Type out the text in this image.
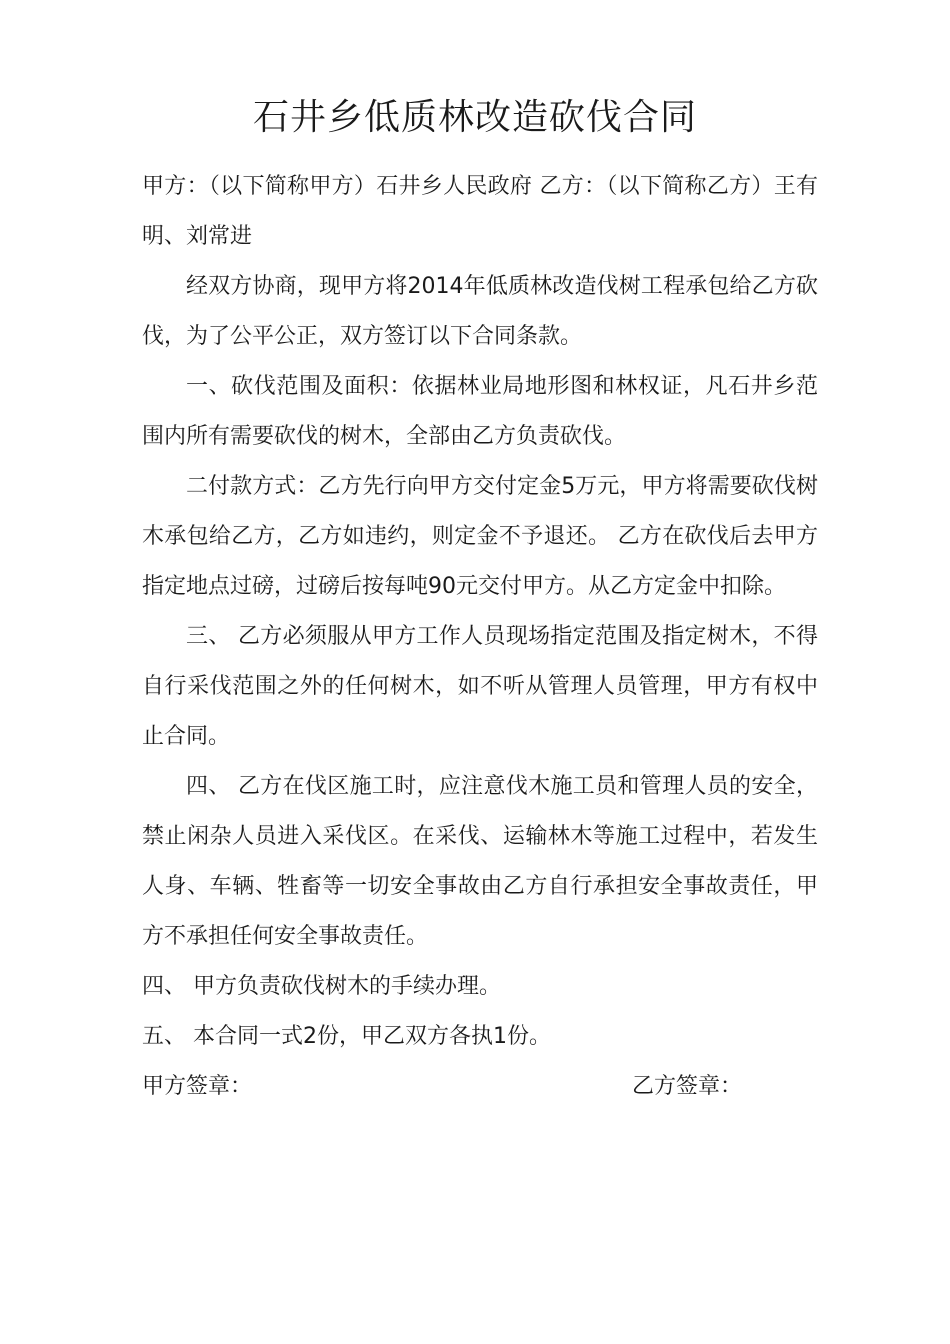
石井乡低质林改造砍伐合同

甲方：（以下简称甲方）石井乡人民政府 乙方：（以下简称乙方）王有明、刘常进

经双方协商，现甲方将2014年低质林改造伐树工程承包给乙方砍伐，为了公平公正，双方签订以下合同条款。

一、砍伐范围及面积：依据林业局地形图和林权证，凡石井乡范围内所有需要砍伐的树木，全部由乙方负责砍伐。

二付款方式：乙方先行向甲方交付定金5万元，甲方将需要砍伐树木承包给乙方，乙方如违约，则定金不予退还。 乙方在砍伐后去甲方指定地点过磅，过磅后按每吨90元交付甲方。从乙方定金中扣除。

三、 乙方必须服从甲方工作人员现场指定范围及指定树木，不得自行采伐范围之外的任何树木，如不听从管理人员管理，甲方有权中止合同。

四、 乙方在伐区施工时，应注意伐木施工员和管理人员的安全，禁止闲杂人员进入采伐区。在采伐、运输林木等施工过程中，若发生人身、车辆、牲畜等一切安全事故由乙方自行承担安全事故责任，甲方不承担任何安全事故责任。

四、 甲方负责砍伐树木的手续办理。

五、 本合同一式2份，甲乙双方各执1份。

甲方签章：	乙方签章：
